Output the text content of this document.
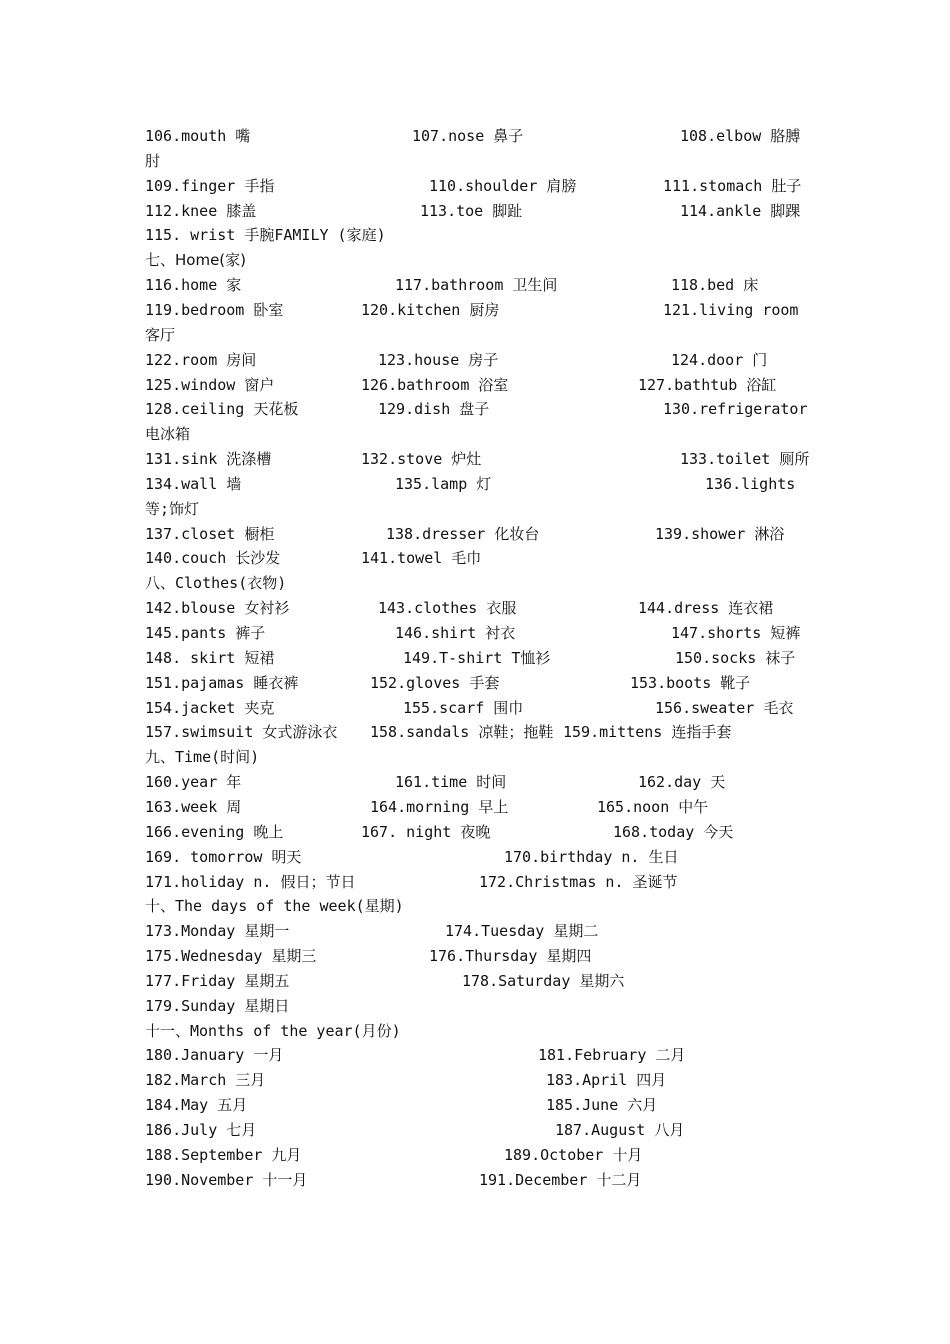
106.mouth 嘴	107.nose 鼻子	108.elbow 胳膊
肘
109.finger 手指	110.shoulder 肩膀	111.stomach 肚子
112.knee 膝盖	113.toe 脚趾	114.ankle 脚踝
115. wrist 手腕FAMILY (家庭)
七、Home(家)
116.home 家	117.bathroom 卫生间	118.bed 床
119.bedroom 卧室	120.kitchen 厨房	121.living room
客厅
122.room 房间	123.house 房子	124.door 门
125.window 窗户	126.bathroom 浴室	127.bathtub 浴缸
128.ceiling 天花板	129.dish 盘子	130.refrigerator
电冰箱
131.sink 洗涤槽	132.stove 炉灶	133.toilet 厕所
134.wall 墙	135.lamp 灯	136.lights
等;饰灯
137.closet 橱柜	138.dresser 化妆台	139.shower 淋浴
140.couch 长沙发	141.towel 毛巾
八、Clothes(衣物)
142.blouse 女衬衫	143.clothes 衣服	144.dress 连衣裙
145.pants 裤子	146.shirt 衬衣	147.shorts 短裤
148. skirt 短裙	149.T-shirt T恤衫	150.socks 袜子
151.pajamas 睡衣裤	152.gloves 手套	153.boots 靴子
154.jacket 夹克	155.scarf 围巾	156.sweater 毛衣
157.swimsuit 女式游泳衣 158.sandals 凉鞋；拖鞋 159.mittens 连指手套
九、Time(时间)
160.year 年	161.time 时间	162.day 天
163.week 周	164.morning 早上	165.noon 中午
166.evening 晚上	167. night 夜晚	168.today 今天
169. tomorrow 明天	170.birthday n. 生日
171.holiday n. 假日；节日	172.Christmas n. 圣诞节
十、The days of the week(星期)
173.Monday 星期一	174.Tuesday 星期二
175.Wednesday 星期三	176.Thursday 星期四
177.Friday 星期五	178.Saturday 星期六
179.Sunday 星期日
十一、Months of the year(月份)
180.January 一月	181.February 二月
182.March 三月	183.April 四月
184.May 五月	185.June 六月
186.July 七月	187.August 八月
188.September 九月	189.October 十月
190.November 十一月	191.December 十二月
